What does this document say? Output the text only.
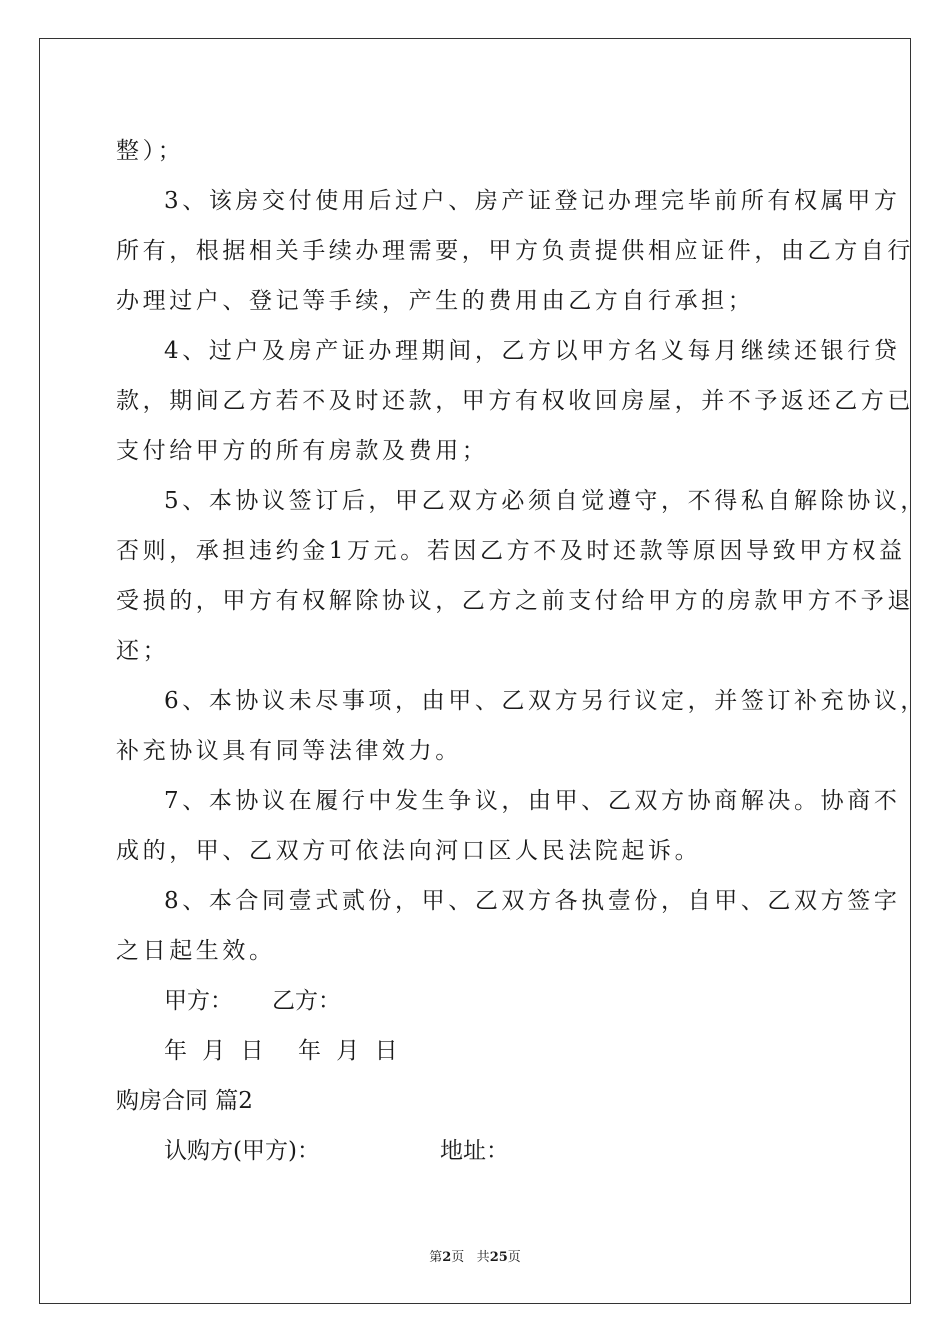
整）；
3、该房交付使用后过户、房产证登记办理完毕前所有权属甲方
所有，根据相关手续办理需要，甲方负责提供相应证件，由乙方自行
办理过户、登记等手续，产生的费用由乙方自行承担；
4、过户及房产证办理期间，乙方以甲方名义每月继续还银行贷
款，期间乙方若不及时还款，甲方有权收回房屋，并不予返还乙方已
支付给甲方的所有房款及费用；
5、本协议签订后，甲乙双方必须自觉遵守，不得私自解除协议，
否则，承担违约金1万元。若因乙方不及时还款等原因导致甲方权益
受损的，甲方有权解除协议，乙方之前支付给甲方的房款甲方不予退
还；
6、本协议未尽事项，由甲、乙双方另行议定，并签订补充协议，
补充协议具有同等法律效力。
7、本协议在履行中发生争议，由甲、乙双方协商解决。协商不
成的，甲、乙双方可依法向河口区人民法院起诉。
8、本合同壹式贰份，甲、乙双方各执壹份，自甲、乙双方签字
之日起生效。
甲方： 乙方：
年 月 日 年 月 日
购房合同 篇2
认购方(甲方)：	地址：
第2页 共25页
